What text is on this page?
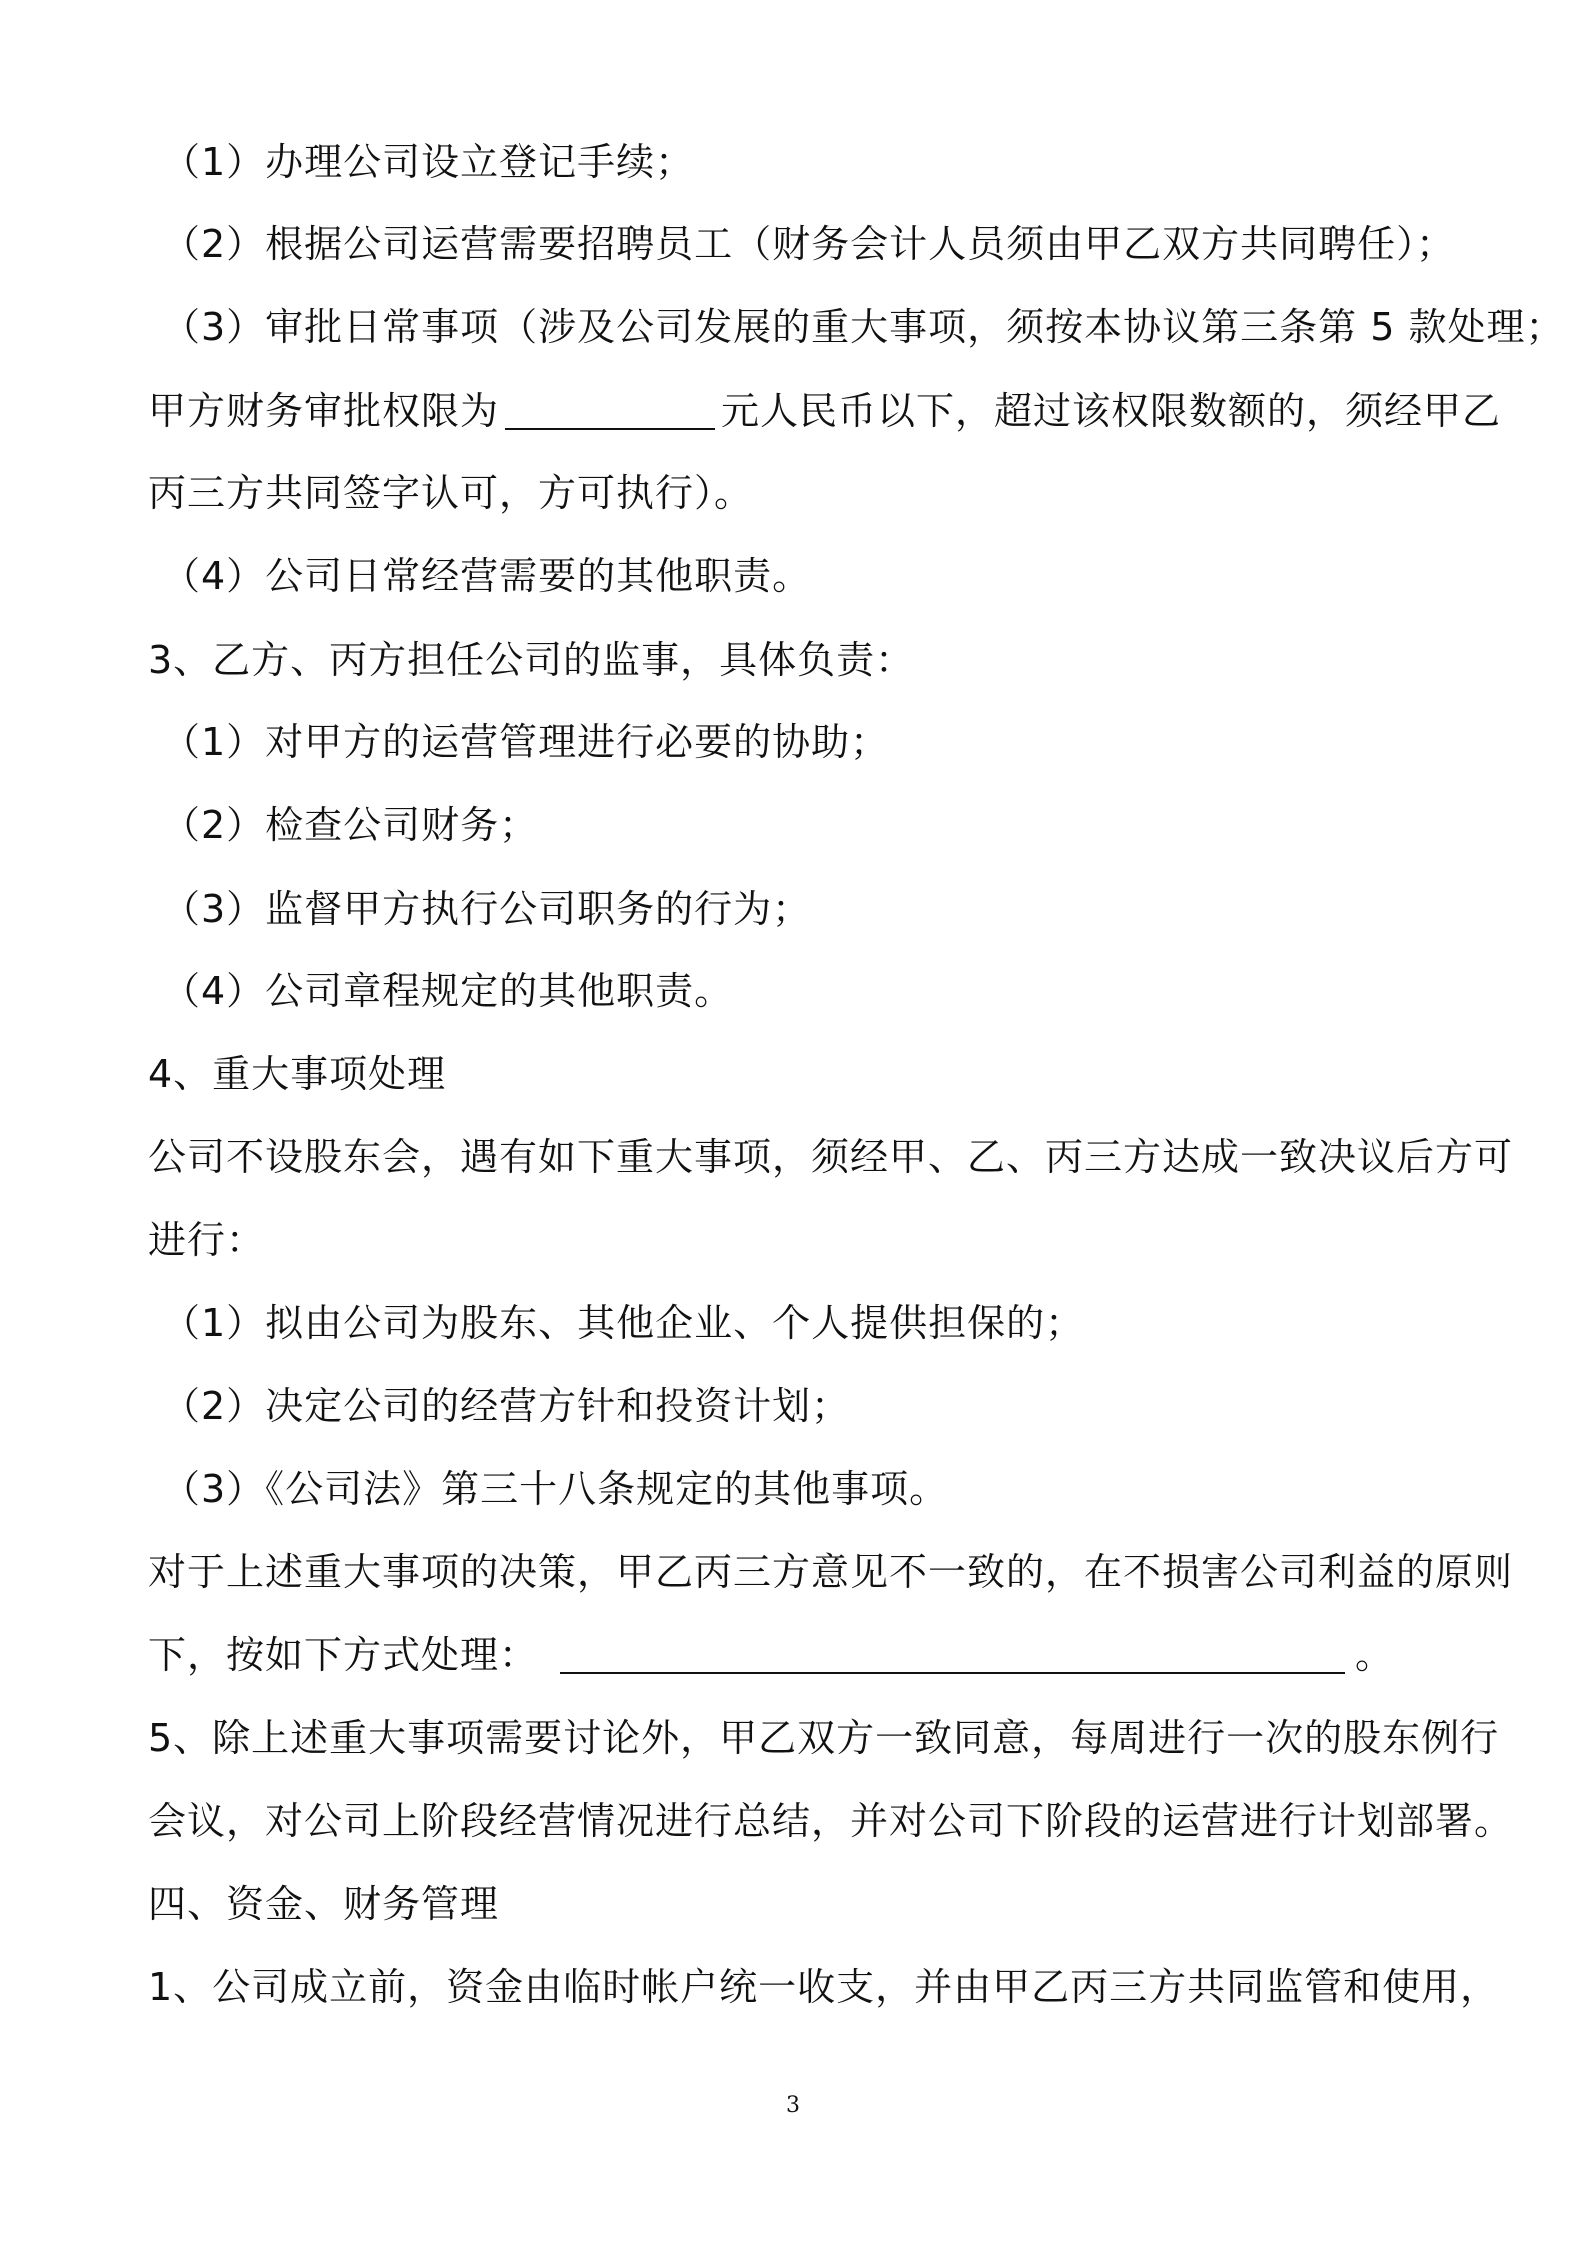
（1）办理公司设立登记手续；
（2）根据公司运营需要招聘员工（财务会计人员须由甲乙双方共同聘任）；
（3）审批日常事项（涉及公司发展的重大事项，须按本协议第三条第 5 款处理；
甲方财务审批权限为	元人民币以下，超过该权限数额的，须经甲乙
丙三方共同签字认可，方可执行）。
（4）公司日常经营需要的其他职责。
3、乙方、丙方担任公司的监事，具体负责：
（1）对甲方的运营管理进行必要的协助；
（2）检查公司财务；
（3）监督甲方执行公司职务的行为；
（4）公司章程规定的其他职责。
4、重大事项处理
公司不设股东会，遇有如下重大事项，须经甲、乙、丙三方达成一致决议后方可
进行：
（1）拟由公司为股东、其他企业、个人提供担保的；
（2）决定公司的经营方针和投资计划；
（3）《公司法》第三十八条规定的其他事项。
对于上述重大事项的决策，甲乙丙三方意见不一致的，在不损害公司利益的原则
下，按如下方式处理：	。
5、除上述重大事项需要讨论外，甲乙双方一致同意，每周进行一次的股东例行
会议，对公司上阶段经营情况进行总结，并对公司下阶段的运营进行计划部署。
四、资金、财务管理
1、公司成立前，资金由临时帐户统一收支，并由甲乙丙三方共同监管和使用，
3
